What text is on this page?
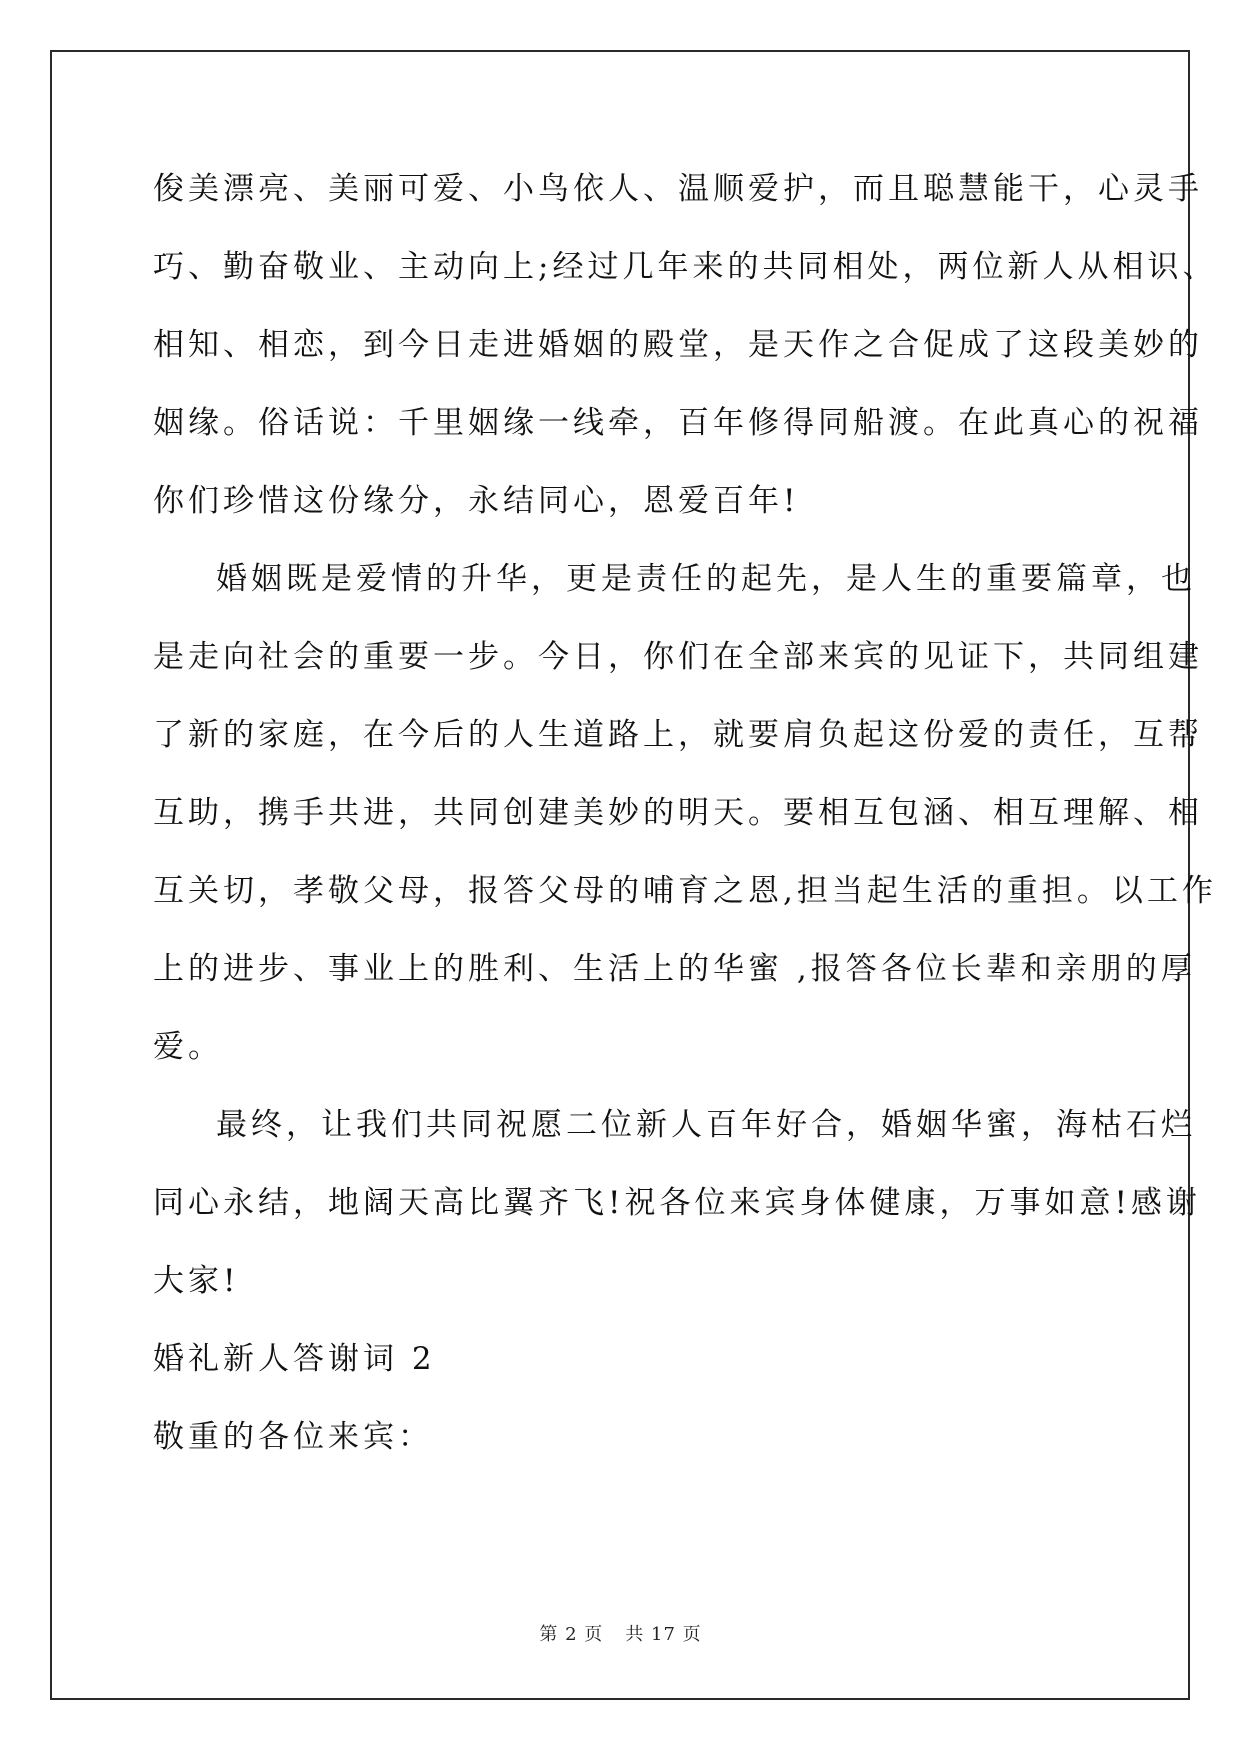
俊美漂亮、美丽可爱、小鸟依人、温顺爱护，而且聪慧能干，心灵手
巧、勤奋敬业、主动向上;经过几年来的共同相处，两位新人从相识、
相知、相恋，到今日走进婚姻的殿堂，是天作之合促成了这段美妙的
姻缘。俗话说：千里姻缘一线牵，百年修得同船渡。在此真心的祝福
你们珍惜这份缘分，永结同心，恩爱百年!
婚姻既是爱情的升华，更是责任的起先，是人生的重要篇章，也
是走向社会的重要一步。今日，你们在全部来宾的见证下，共同组建
了新的家庭，在今后的人生道路上，就要肩负起这份爱的责任，互帮
互助，携手共进，共同创建美妙的明天。要相互包涵、相互理解、相
互关切，孝敬父母，报答父母的哺育之恩,担当起生活的重担。以工作
上的进步、事业上的胜利、生活上的华蜜 ,报答各位长辈和亲朋的厚
爱。
最终，让我们共同祝愿二位新人百年好合，婚姻华蜜，海枯石烂
同心永结，地阔天高比翼齐飞!祝各位来宾身体健康，万事如意!感谢
大家!
婚礼新人答谢词 2
敬重的各位来宾：
第 2 页 共 17 页
